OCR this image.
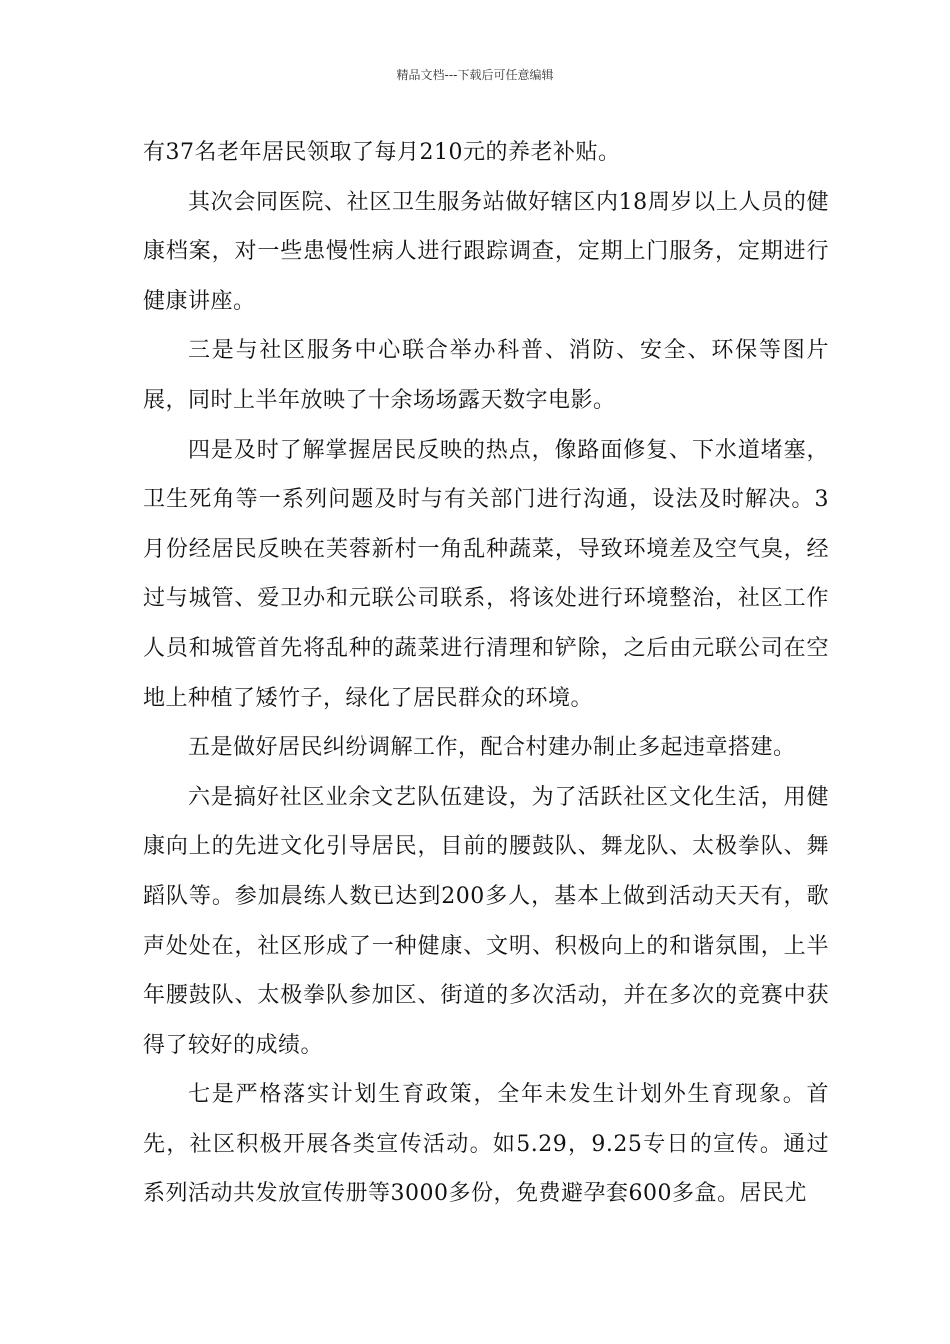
精品文档---下载后可任意编辑

有37名老年居民领取了每月210元的养老补贴。

其次会同医院、社区卫生服务站做好辖区内18周岁以上人员的健康档案，对一些患慢性病人进行跟踪调查，定期上门服务，定期进行健康讲座。

三是与社区服务中心联合举办科普、消防、安全、环保等图片展，同时上半年放映了十余场场露天数字电影。

四是及时了解掌握居民反映的热点，像路面修复、下水道堵塞，卫生死角等一系列问题及时与有关部门进行沟通，设法及时解决。3月份经居民反映在芙蓉新村一角乱种蔬菜，导致环境差及空气臭，经过与城管、爱卫办和元联公司联系，将该处进行环境整治，社区工作人员和城管首先将乱种的蔬菜进行清理和铲除，之后由元联公司在空地上种植了矮竹子，绿化了居民群众的环境。

五是做好居民纠纷调解工作，配合村建办制止多起违章搭建。

六是搞好社区业余文艺队伍建设，为了活跃社区文化生活，用健康向上的先进文化引导居民，目前的腰鼓队、舞龙队、太极拳队、舞蹈队等。参加晨练人数已达到200多人，基本上做到活动天天有，歌声处处在，社区形成了一种健康、文明、积极向上的和谐氛围，上半年腰鼓队、太极拳队参加区、街道的多次活动，并在多次的竞赛中获得了较好的成绩。

七是严格落实计划生育政策，全年未发生计划外生育现象。首先，社区积极开展各类宣传活动。如5.29，9.25专日的宣传。通过系列活动共发放宣传册等3000多份，免费避孕套600多盒。居民尤
